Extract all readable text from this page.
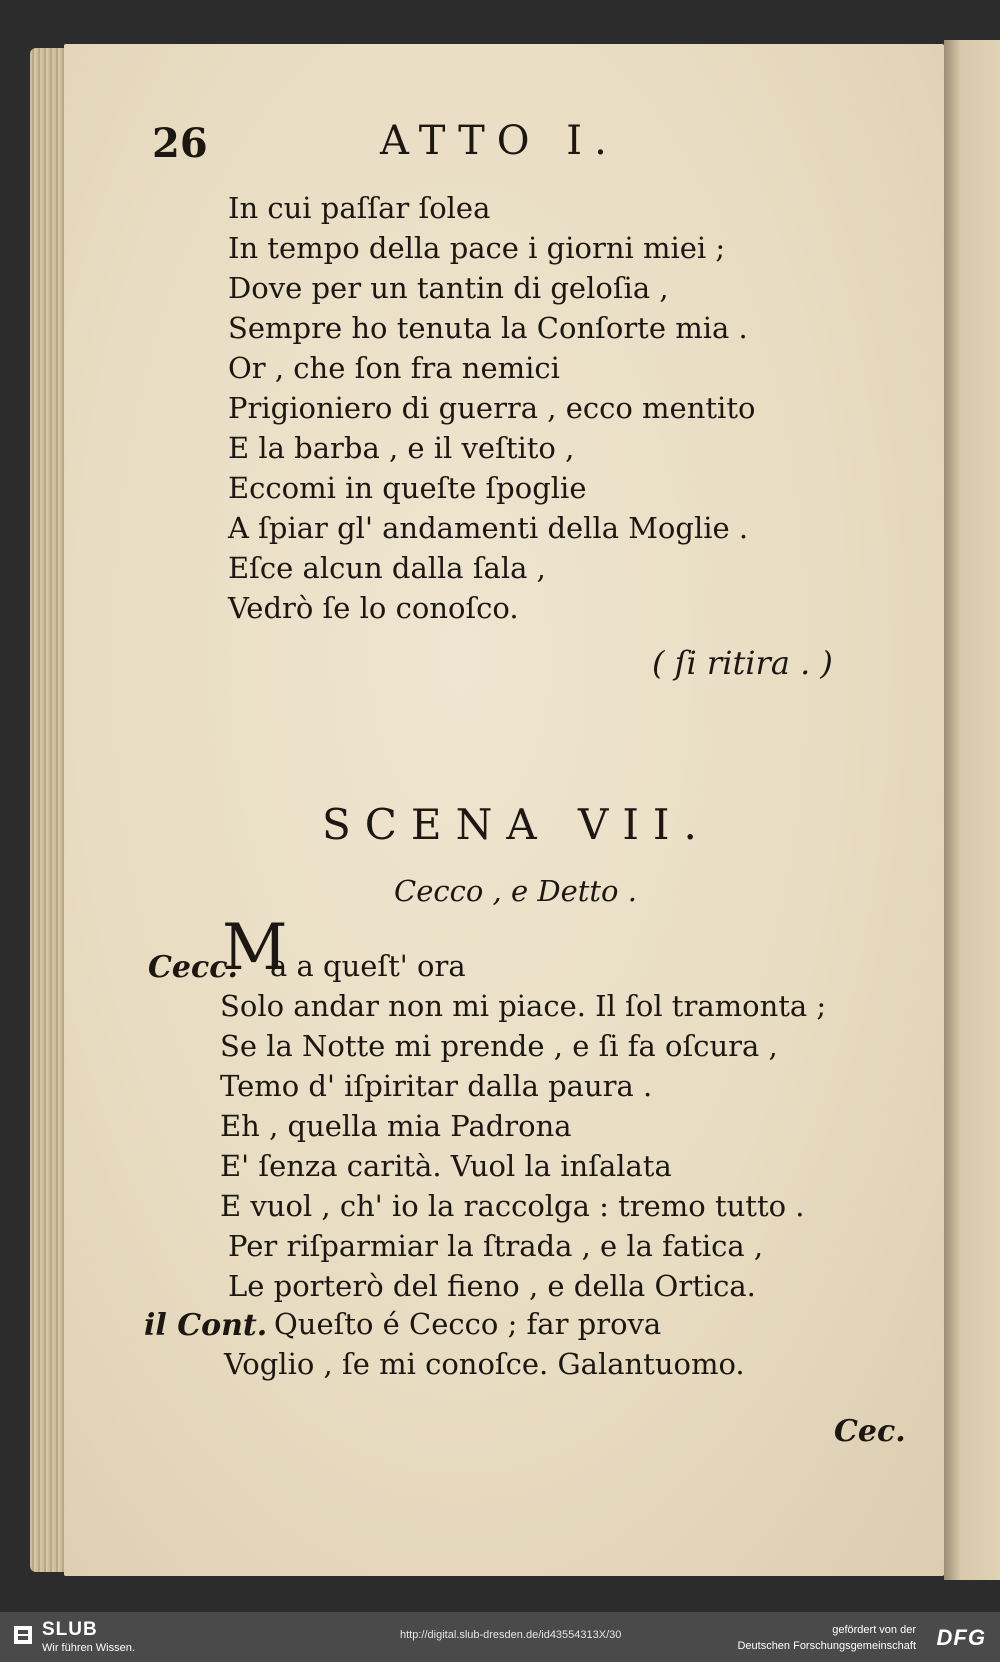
26	ATTO I.
In cui paſſar ſolea
In tempo della pace i giorni miei ;
Dove per un tantin di geloſia ,
Sempre ho tenuta la Conſorte mia .
Or , che ſon fra nemici
Prigioniero di guerra , ecco mentito
E la barba , e il veſtito ,
Eccomi in queſte ſpoglie
A ſpiar gl' andamenti della Moglie .
Eſce alcun dalla ſala ,
Vedrò ſe lo conoſco.
( ſi ritira . )
SCENA VII.
Cecco , e Detto .
Cecc.
M
a a queſt' ora
Solo andar non mi piace. Il ſol tramonta ;
Se la Notte mi prende , e ſi fa oſcura ,
Temo d' iſpiritar dalla paura .
Eh , quella mia Padrona
E' ſenza carità. Vuol la inſalata
E vuol , ch' io la raccolga : tremo tutto .
Per riſparmiar la ſtrada , e la fatica ,
Le porterò del fieno , e della Ortica.
il Cont. Queſto é Cecco ; far prova
Voglio , ſe mi conoſce. Galantuomo.
Cec.
SLUB
Wir führen Wissen.
http://digital.slub-dresden.de/id43554313X/30	gefördert von der
Deutschen Forschungsgemeinschaft DFG
